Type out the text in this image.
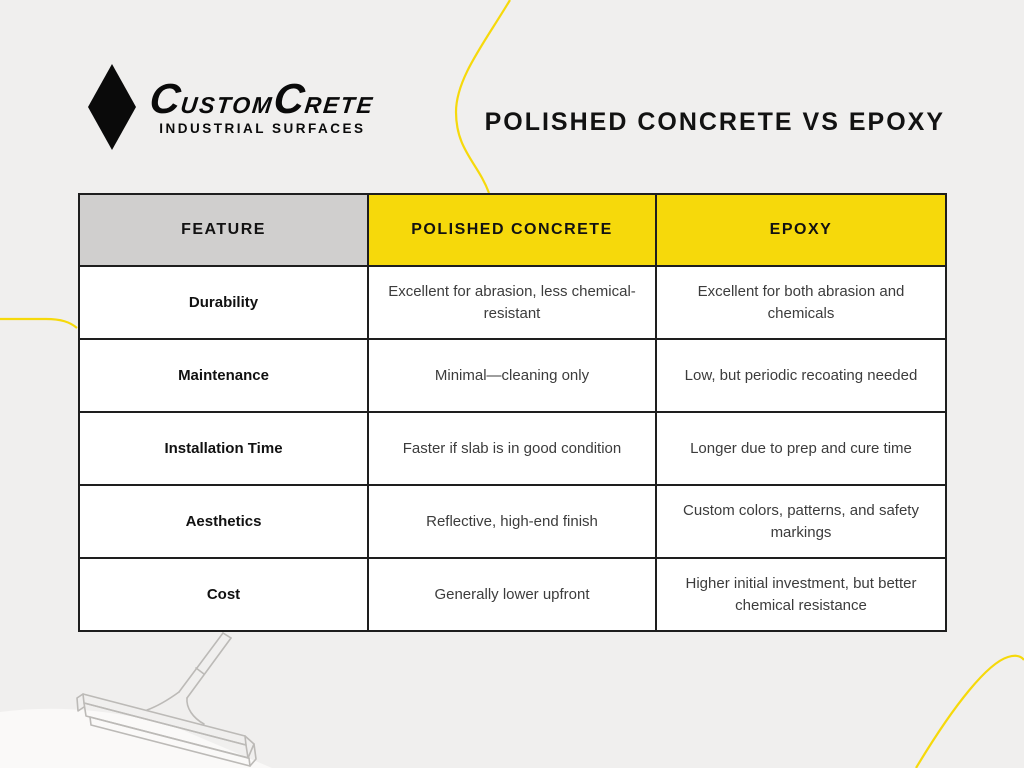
CUSTOMCRETE
INDUSTRIAL SURFACES	POLISHED CONCRETE VS EPOXY
FEATURE	POLISHED CONCRETE	EPOXY
Durability	Excellent for abrasion, less chemical-resistant	Excellent for both abrasion and chemicals
Maintenance	Minimal—cleaning only	Low, but periodic recoating needed
Installation Time	Faster if slab is in good condition	Longer due to prep and cure time
Aesthetics	Reflective, high-end finish	Custom colors, patterns, and safety markings
Cost	Generally lower upfront	Higher initial investment, but better chemical resistance
